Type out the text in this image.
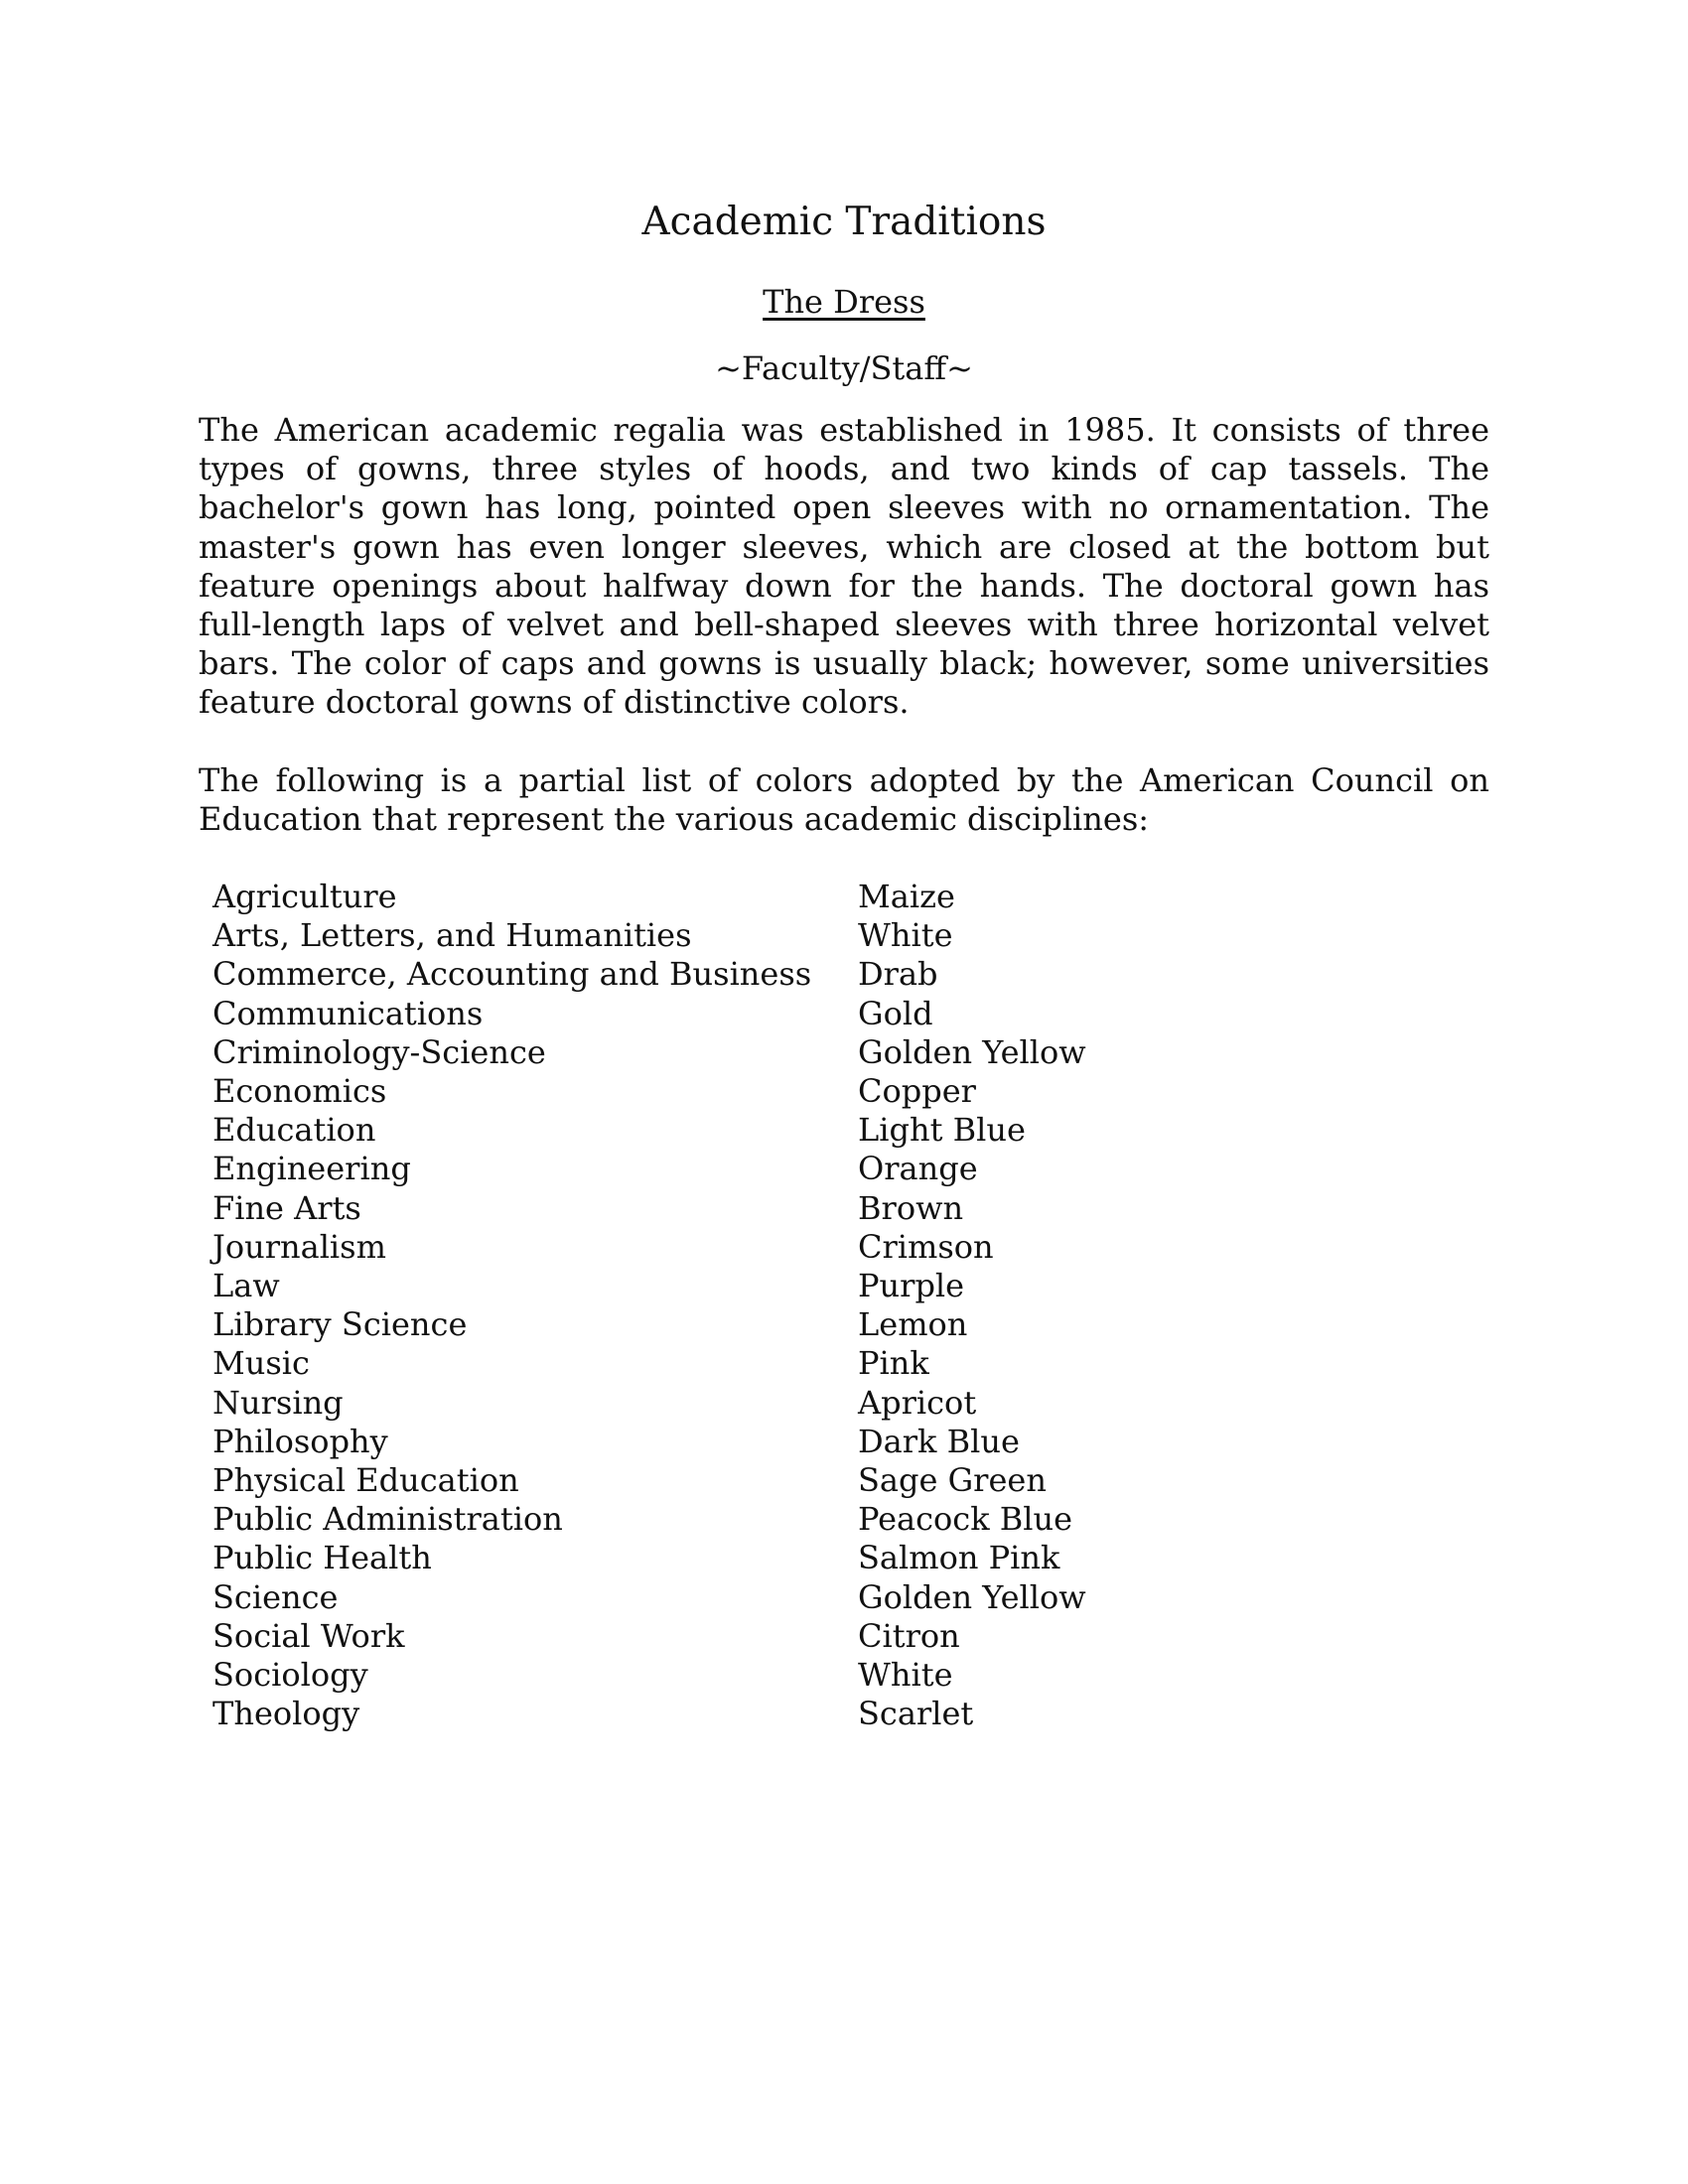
Academic Traditions
The Dress
~Faculty/Staff~

The American academic regalia was established in 1985. It consists of three types of gowns, three styles of hoods, and two kinds of cap tassels. The bachelor's gown has long, pointed open sleeves with no ornamentation. The master's gown has even longer sleeves, which are closed at the bottom but feature openings about halfway down for the hands. The doctoral gown has full-length laps of velvet and bell-shaped sleeves with three horizontal velvet bars. The color of caps and gowns is usually black; however, some universities feature doctoral gowns of distinctive colors.

The following is a partial list of colors adopted by the American Council on Education that represent the various academic disciplines:

Agriculture	Maize
Arts, Letters, and Humanities	White
Commerce, Accounting and Business	Drab
Communications	Gold
Criminology-Science	Golden Yellow
Economics	Copper
Education	Light Blue
Engineering	Orange
Fine Arts	Brown
Journalism	Crimson
Law	Purple
Library Science	Lemon
Music	Pink
Nursing	Apricot
Philosophy	Dark Blue
Physical Education	Sage Green
Public Administration	Peacock Blue
Public Health	Salmon Pink
Science	Golden Yellow
Social Work	Citron
Sociology	White
Theology	Scarlet
